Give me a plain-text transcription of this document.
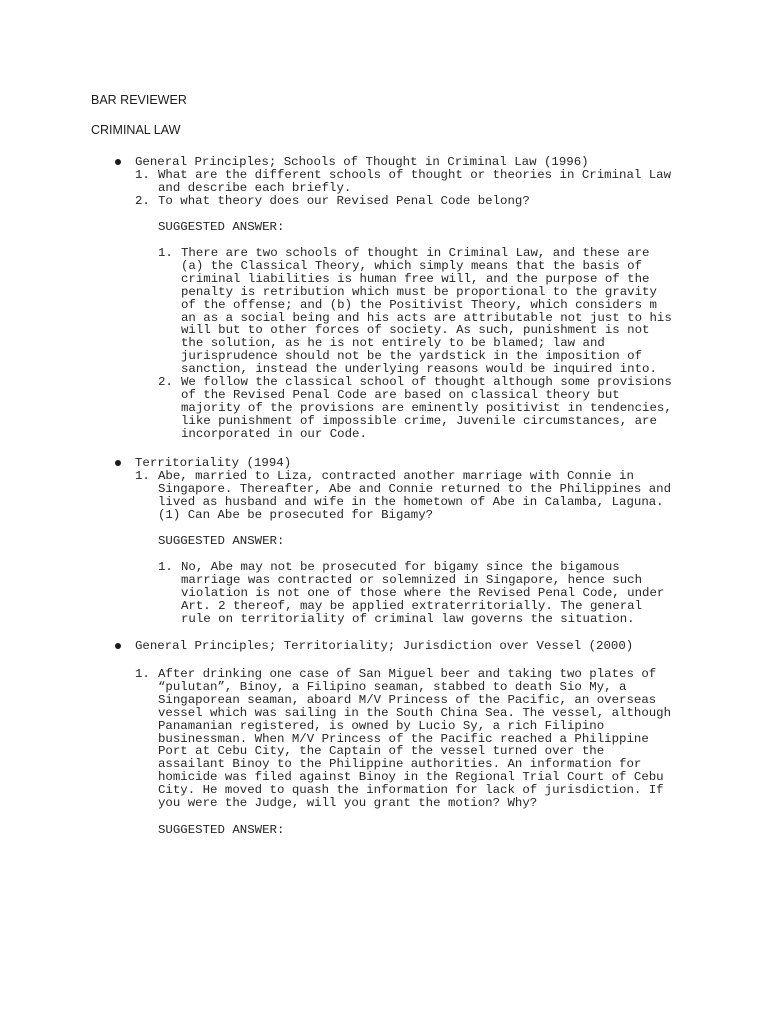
BAR REVIEWER
CRIMINAL LAW
General Principles; Schools of Thought in Criminal Law (1996)
1. What are the different schools of thought or theories in Criminal Law
and describe each briefly.
2. To what theory does our Revised Penal Code belong?
SUGGESTED ANSWER:
1. There are two schools of thought in Criminal Law, and these are
(a) the Classical Theory, which simply means that the basis of
criminal liabilities is human free will, and the purpose of the
penalty is retribution which must be proportional to the gravity
of the offense; and (b) the Positivist Theory, which considers m
an as a social being and his acts are attributable not just to his
will but to other forces of society. As such, punishment is not
the solution, as he is not entirely to be blamed; law and
jurisprudence should not be the yardstick in the imposition of
sanction, instead the underlying reasons would be inquired into.
2. We follow the classical school of thought although some provisions
of the Revised Penal Code are based on classical theory but
majority of the provisions are eminently positivist in tendencies,
like punishment of impossible crime, Juvenile circumstances, are
incorporated in our Code.
Territoriality (1994)
1. Abe, married to Liza, contracted another marriage with Connie in
Singapore. Thereafter, Abe and Connie returned to the Philippines and
lived as husband and wife in the hometown of Abe in Calamba, Laguna.
(1) Can Abe be prosecuted for Bigamy?
SUGGESTED ANSWER:
1. No, Abe may not be prosecuted for bigamy since the bigamous
marriage was contracted or solemnized in Singapore, hence such
violation is not one of those where the Revised Penal Code, under
Art. 2 thereof, may be applied extraterritorially. The general
rule on territoriality of criminal law governs the situation.
General Principles; Territoriality; Jurisdiction over Vessel (2000)
1. After drinking one case of San Miguel beer and taking two plates of
“pulutan”, Binoy, a Filipino seaman, stabbed to death Sio My, a
Singaporean seaman, aboard M/V Princess of the Pacific, an overseas
vessel which was sailing in the South China Sea. The vessel, although
Panamanian registered, is owned by Lucio Sy, a rich Filipino
businessman. When M/V Princess of the Pacific reached a Philippine
Port at Cebu City, the Captain of the vessel turned over the
assailant Binoy to the Philippine authorities. An information for
homicide was filed against Binoy in the Regional Trial Court of Cebu
City. He moved to quash the information for lack of jurisdiction. If
you were the Judge, will you grant the motion? Why?
SUGGESTED ANSWER:
